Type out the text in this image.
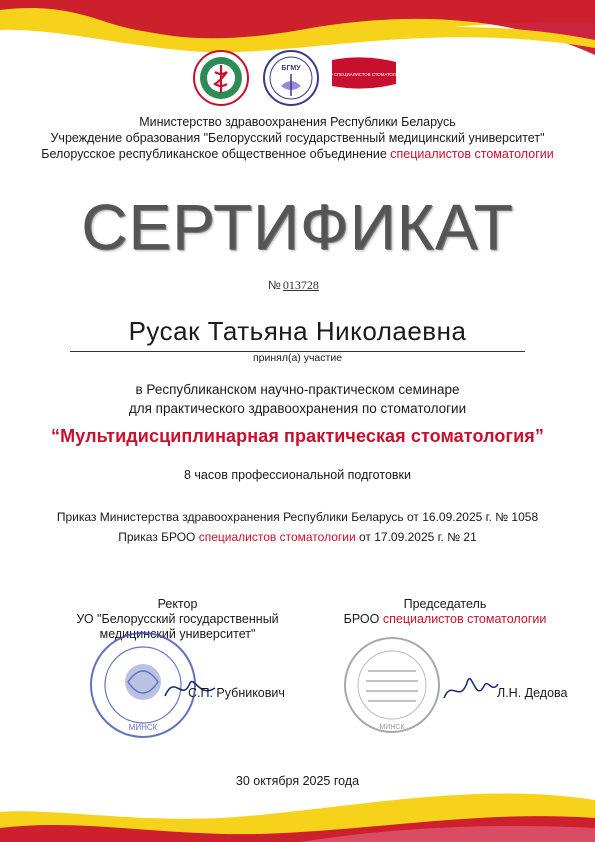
БГМУ
БРОО СПЕЦИАЛИСТОВ СТОМАТОЛОГИИ
Министерство здравоохранения Республики Беларусь
Учреждение образования "Белорусский государственный медицинский университет"
Белорусское республиканское общественное объединение специалистов стоматологии
СЕРТИФИКАТ
№ 013728
Русак Татьяна Николаевна
принял(а) участие
в Республиканском научно-практическом семинаре
для практического здравоохранения по стоматологии
“Мультидисциплинарная практическая стоматология”
8 часов профессиональной подготовки
Приказ Министерства здравоохранения Республики Беларусь от 16.09.2025 г. № 1058
Приказ БРОО специалистов стоматологии от 17.09.2025 г. № 21
Ректор
УО "Белорусский государственный
медицинский университет"
Председатель
БРОО специалистов стоматологии
МИНСК
С.П. Рубникович
МИНСК
Л.Н. Дедова
30 октября 2025 года
